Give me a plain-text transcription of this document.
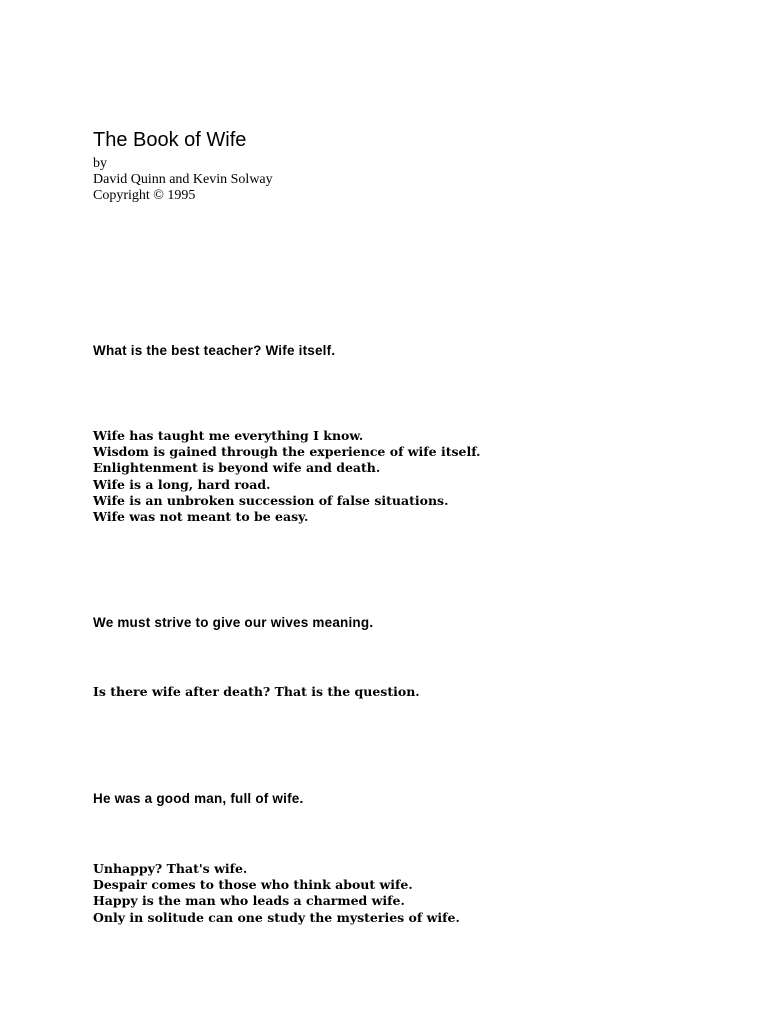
The Book of Wife
by
David Quinn and Kevin Solway
Copyright © 1995
What is the best teacher? Wife itself.
Wife has taught me everything I know.
Wisdom is gained through the experience of wife itself.
Enlightenment is beyond wife and death.
Wife is a long, hard road.
Wife is an unbroken succession of false situations.
Wife was not meant to be easy.
We must strive to give our wives meaning.
Is there wife after death? That is the question.
He was a good man, full of wife.
Unhappy? That's wife.
Despair comes to those who think about wife.
Happy is the man who leads a charmed wife.
Only in solitude can one study the mysteries of wife.
